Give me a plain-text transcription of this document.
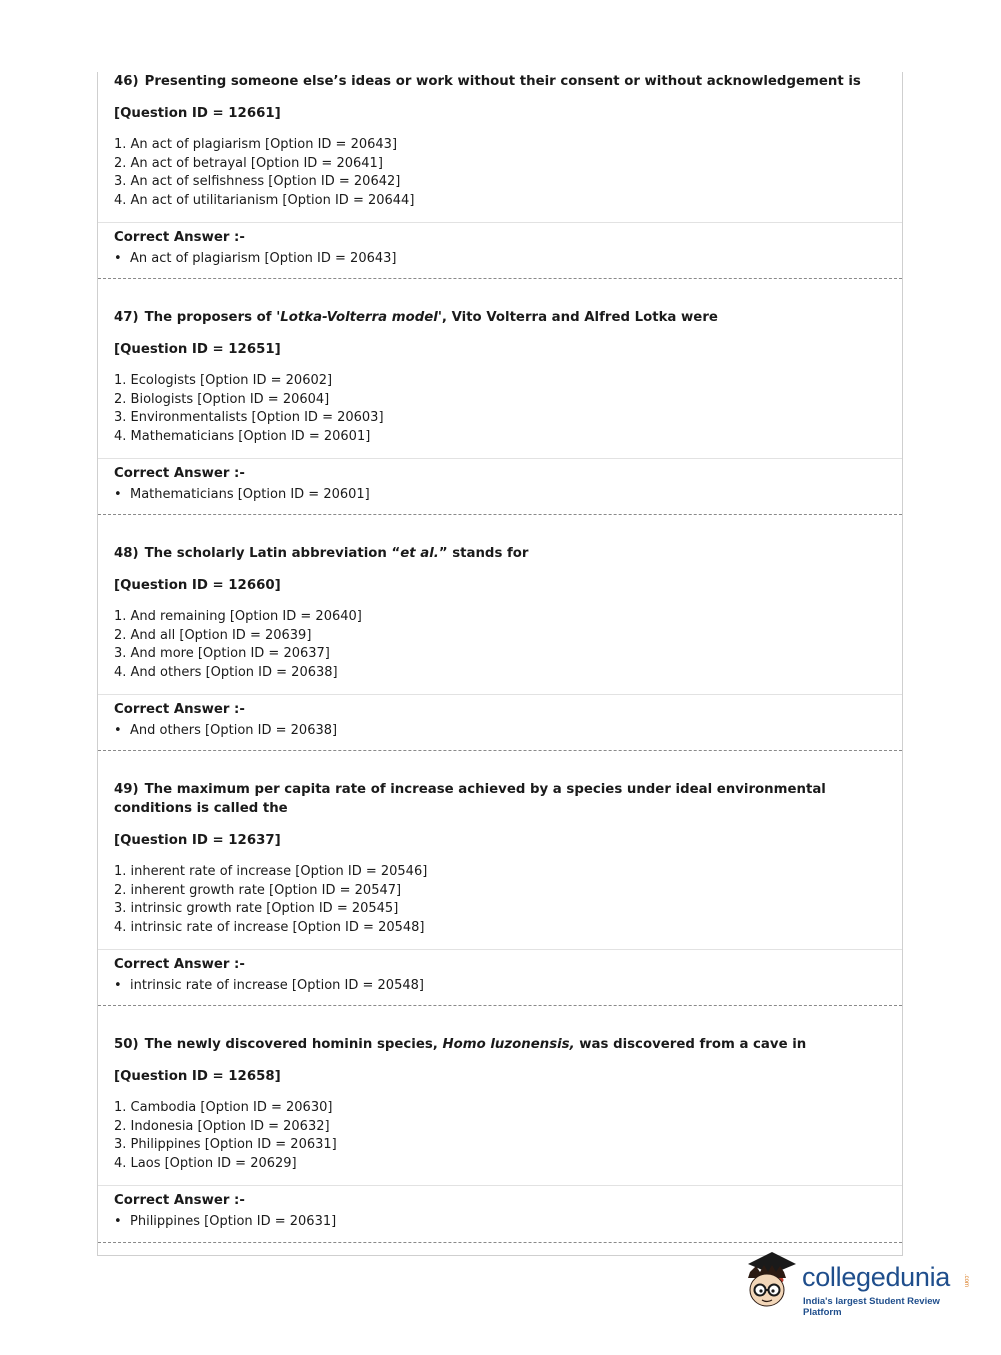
46) Presenting someone else’s ideas or work without their consent or without acknowledgement is
[Question ID = 12661]
1. An act of plagiarism [Option ID = 20643]
2. An act of betrayal [Option ID = 20641]
3. An act of selfishness [Option ID = 20642]
4. An act of utilitarianism [Option ID = 20644]
Correct Answer :-
• An act of plagiarism [Option ID = 20643]
47) The proposers of 'Lotka-Volterra model', Vito Volterra and Alfred Lotka were
[Question ID = 12651]
1. Ecologists [Option ID = 20602]
2. Biologists [Option ID = 20604]
3. Environmentalists [Option ID = 20603]
4. Mathematicians [Option ID = 20601]
Correct Answer :-
• Mathematicians [Option ID = 20601]
48) The scholarly Latin abbreviation “et al.” stands for
[Question ID = 12660]
1. And remaining [Option ID = 20640]
2. And all [Option ID = 20639]
3. And more [Option ID = 20637]
4. And others [Option ID = 20638]
Correct Answer :-
• And others [Option ID = 20638]
49) The maximum per capita rate of increase achieved by a species under ideal environmental conditions is called the
[Question ID = 12637]
1. inherent rate of increase [Option ID = 20546]
2. inherent growth rate [Option ID = 20547]
3. intrinsic growth rate [Option ID = 20545]
4. intrinsic rate of increase [Option ID = 20548]
Correct Answer :-
• intrinsic rate of increase [Option ID = 20548]
50) The newly discovered hominin species, Homo luzonensis, was discovered from a cave in
[Question ID = 12658]
1. Cambodia [Option ID = 20630]
2. Indonesia [Option ID = 20632]
3. Philippines [Option ID = 20631]
4. Laos [Option ID = 20629]
Correct Answer :-
• Philippines [Option ID = 20631]
collegedunia .com
India's largest Student Review Platform
